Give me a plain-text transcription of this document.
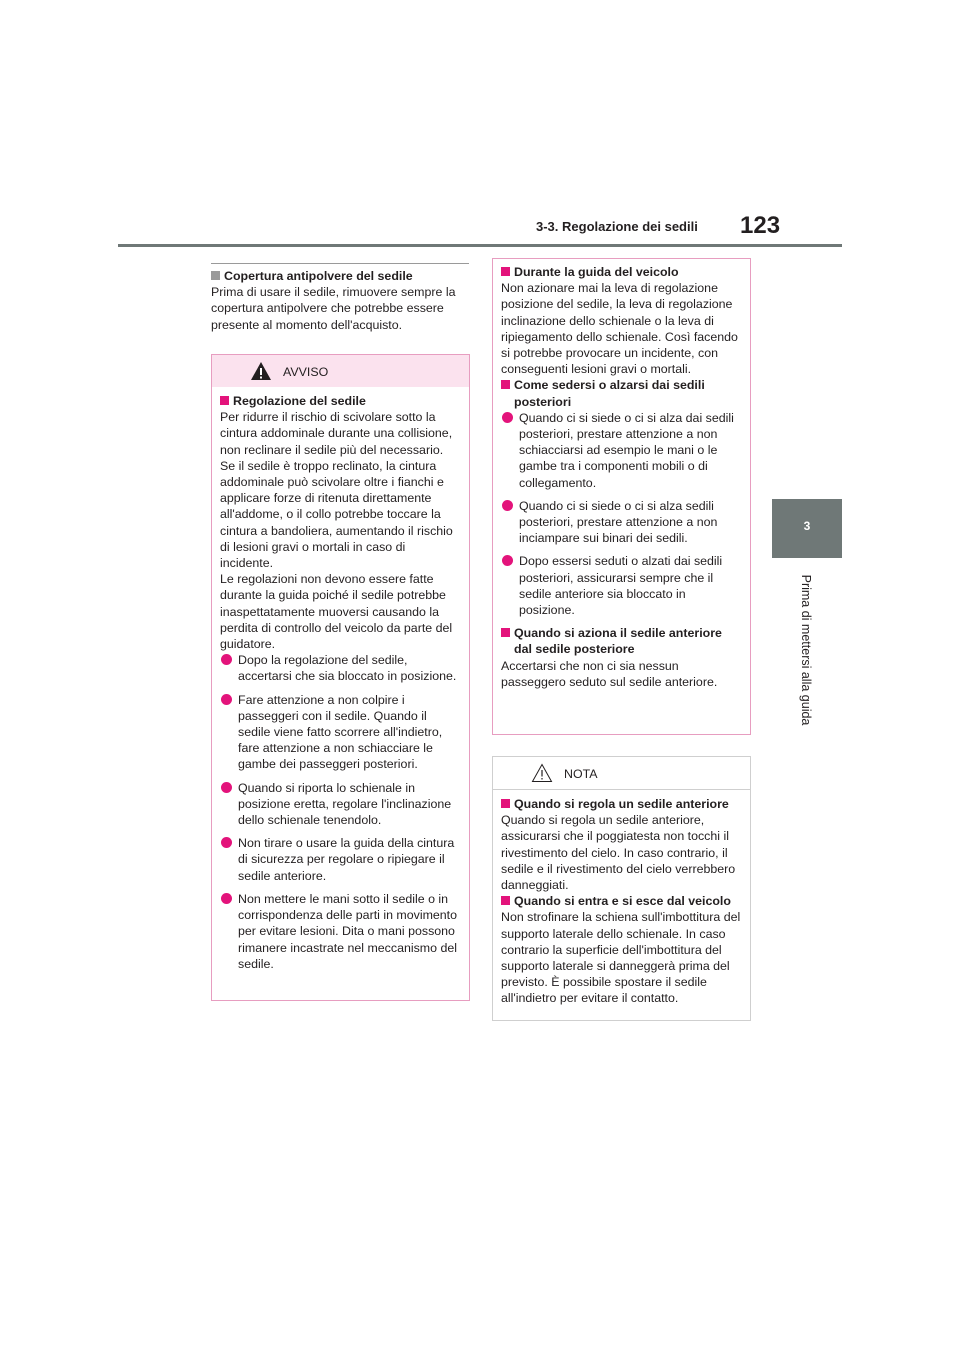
3-3. Regolazione dei sedili 123
3
Prima di mettersi alla guida

Copertura antipolvere del sedile

Prima di usare il sedile, rimuovere sempre la copertura antipolvere che potrebbe essere presente al momento dell'acquisto.

AVVISO

Regolazione del sedile

Per ridurre il rischio di scivolare sotto la cintura addominale durante una collisione, non reclinare il sedile più del necessario.

Se il sedile è troppo reclinato, la cintura addominale può scivolare oltre i fianchi e applicare forze di ritenuta direttamente all'addome, o il collo potrebbe toccare la cintura a bandoliera, aumentando il rischio di lesioni gravi o mortali in caso di incidente.

Le regolazioni non devono essere fatte durante la guida poiché il sedile potrebbe inaspettatamente muoversi causando la perdita di controllo del veicolo da parte del guidatore.

Dopo la regolazione del sedile, accertarsi che sia bloccato in posizione.
Fare attenzione a non colpire i passeggeri con il sedile. Quando il sedile viene fatto scorrere all'indietro, fare attenzione a non schiacciare le gambe dei passeggeri posteriori.
Quando si riporta lo schienale in posizione eretta, regolare l'inclinazione dello schienale tenendolo.
Non tirare o usare la guida della cintura di sicurezza per regolare o ripiegare il sedile anteriore.
Non mettere le mani sotto il sedile o in corrispondenza delle parti in movimento per evitare lesioni. Dita o mani possono rimanere incastrate nel meccanismo del sedile.

Durante la guida del veicolo

Non azionare mai la leva di regolazione posizione del sedile, la leva di regolazione inclinazione dello schienale o la leva di ripiegamento dello schienale. Così facendo si potrebbe provocare un incidente, con conseguenti lesioni gravi o mortali.

Come sedersi o alzarsi dai sedili posteriori

Quando ci si siede o ci si alza dai sedili posteriori, prestare attenzione a non schiacciarsi ad esempio le mani o le gambe tra i componenti mobili o di collegamento.
Quando ci si siede o ci si alza sedili posteriori, prestare attenzione a non inciampare sui binari dei sedili.
Dopo essersi seduti o alzati dai sedili posteriori, assicurarsi sempre che il sedile anteriore sia bloccato in posizione.

Quando si aziona il sedile anteriore dal sedile posteriore

Accertarsi che non ci sia nessun passeggero seduto sul sedile anteriore.

NOTA

Quando si regola un sedile anteriore

Quando si regola un sedile anteriore, assicurarsi che il poggiatesta non tocchi il rivestimento del cielo. In caso contrario, il sedile e il rivestimento del cielo verrebbero danneggiati.

Quando si entra e si esce dal veicolo

Non strofinare la schiena sull'imbottitura del supporto laterale dello schienale. In caso contrario la superficie dell'imbottitura del supporto laterale si danneggerà prima del previsto. È possibile spostare il sedile all'indietro per evitare il contatto.
